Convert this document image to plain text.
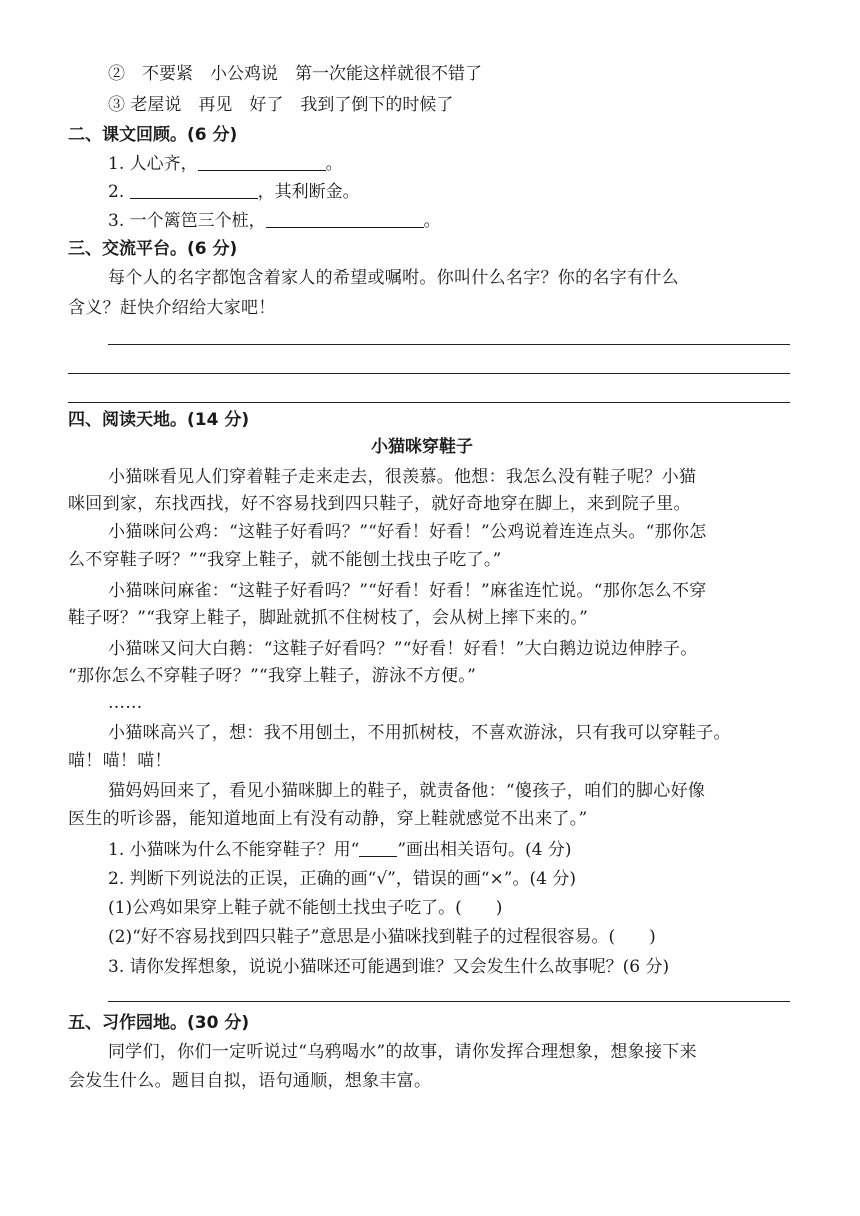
②　不要紧　小公鸡说　第一次能这样就很不错了
③ 老屋说　再见　好了　我到了倒下的时候了
二、课文回顾。(6 分)
1. 人心齐，	。
2.	，其利断金。
3. 一个篱笆三个桩，	。
三、交流平台。(6 分)
每个人的名字都饱含着家人的希望或嘱咐。你叫什么名字？你的名字有什么
含义？赶快介绍给大家吧！
四、阅读天地。(14 分)
小猫咪穿鞋子
小猫咪看见人们穿着鞋子走来走去，很羡慕。他想：我怎么没有鞋子呢？小猫
咪回到家，东找西找，好不容易找到四只鞋子，就好奇地穿在脚上，来到院子里。
小猫咪问公鸡：“这鞋子好看吗？”“好看！好看！”公鸡说着连连点头。“那你怎
么不穿鞋子呀？”“我穿上鞋子，就不能刨土找虫子吃了。”
小猫咪问麻雀：“这鞋子好看吗？”“好看！好看！”麻雀连忙说。“那你怎么不穿
鞋子呀？”“我穿上鞋子，脚趾就抓不住树枝了，会从树上摔下来的。”
小猫咪又问大白鹅：“这鞋子好看吗？”“好看！好看！”大白鹅边说边伸脖子。
“那你怎么不穿鞋子呀？”“我穿上鞋子，游泳不方便。”
……
小猫咪高兴了，想：我不用刨土，不用抓树枝，不喜欢游泳，只有我可以穿鞋子。
喵！喵！喵！
猫妈妈回来了，看见小猫咪脚上的鞋子，就责备他：“傻孩子，咱们的脚心好像
医生的听诊器，能知道地面上有没有动静，穿上鞋就感觉不出来了。”
1. 小猫咪为什么不能穿鞋子？用“ ”画出相关语句。(4 分)
2. 判断下列说法的正误，正确的画“√”，错误的画“×”。(4 分)
(1)公鸡如果穿上鞋子就不能刨土找虫子吃了。(　　)
(2)“好不容易找到四只鞋子”意思是小猫咪找到鞋子的过程很容易。(　　)
3. 请你发挥想象，说说小猫咪还可能遇到谁？又会发生什么故事呢？(6 分)
五、习作园地。(30 分)
同学们，你们一定听说过“乌鸦喝水”的故事，请你发挥合理想象，想象接下来
会发生什么。题目自拟，语句通顺，想象丰富。
